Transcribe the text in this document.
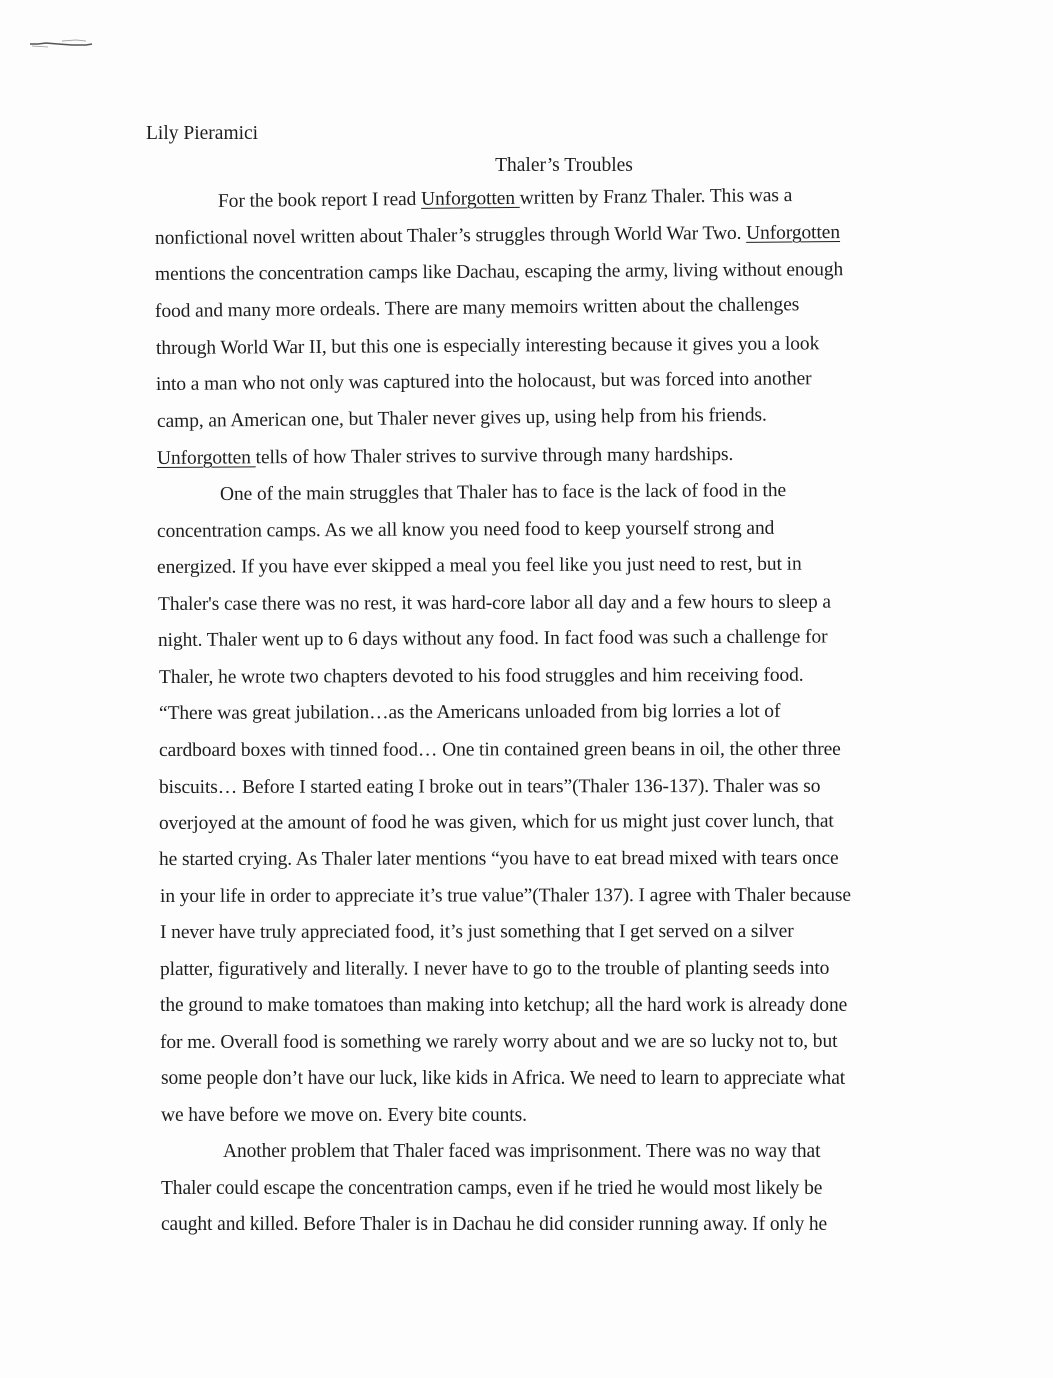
Lily Pieramici
Thaler’s Troubles
For the book report I read Unforgotten written by Franz Thaler. This was a
nonfictional novel written about Thaler’s struggles through World War Two. Unforgotten
mentions the concentration camps like Dachau, escaping the army, living without enough
food and many more ordeals. There are many memoirs written about the challenges
through World War II, but this one is especially interesting because it gives you a look
into a man who not only was captured into the holocaust, but was forced into another
camp, an American one, but Thaler never gives up, using help from his friends.
Unforgotten tells of how Thaler strives to survive through many hardships.
One of the main struggles that Thaler has to face is the lack of food in the
concentration camps. As we all know you need food to keep yourself strong and
energized. If you have ever skipped a meal you feel like you just need to rest, but in
Thaler's case there was no rest, it was hard-core labor all day and a few hours to sleep a
night. Thaler went up to 6 days without any food. In fact food was such a challenge for
Thaler, he wrote two chapters devoted to his food struggles and him receiving food.
“There was great jubilation…as the Americans unloaded from big lorries a lot of
cardboard boxes with tinned food… One tin contained green beans in oil, the other three
biscuits… Before I started eating I broke out in tears”(Thaler 136-137). Thaler was so
overjoyed at the amount of food he was given, which for us might just cover lunch, that
he started crying. As Thaler later mentions “you have to eat bread mixed with tears once
in your life in order to appreciate it’s true value”(Thaler 137). I agree with Thaler because
I never have truly appreciated food, it’s just something that I get served on a silver
platter, figuratively and literally. I never have to go to the trouble of planting seeds into
the ground to make tomatoes than making into ketchup; all the hard work is already done
for me. Overall food is something we rarely worry about and we are so lucky not to, but
some people don’t have our luck, like kids in Africa. We need to learn to appreciate what
we have before we move on. Every bite counts.
Another problem that Thaler faced was imprisonment. There was no way that
Thaler could escape the concentration camps, even if he tried he would most likely be
caught and killed. Before Thaler is in Dachau he did consider running away. If only he
